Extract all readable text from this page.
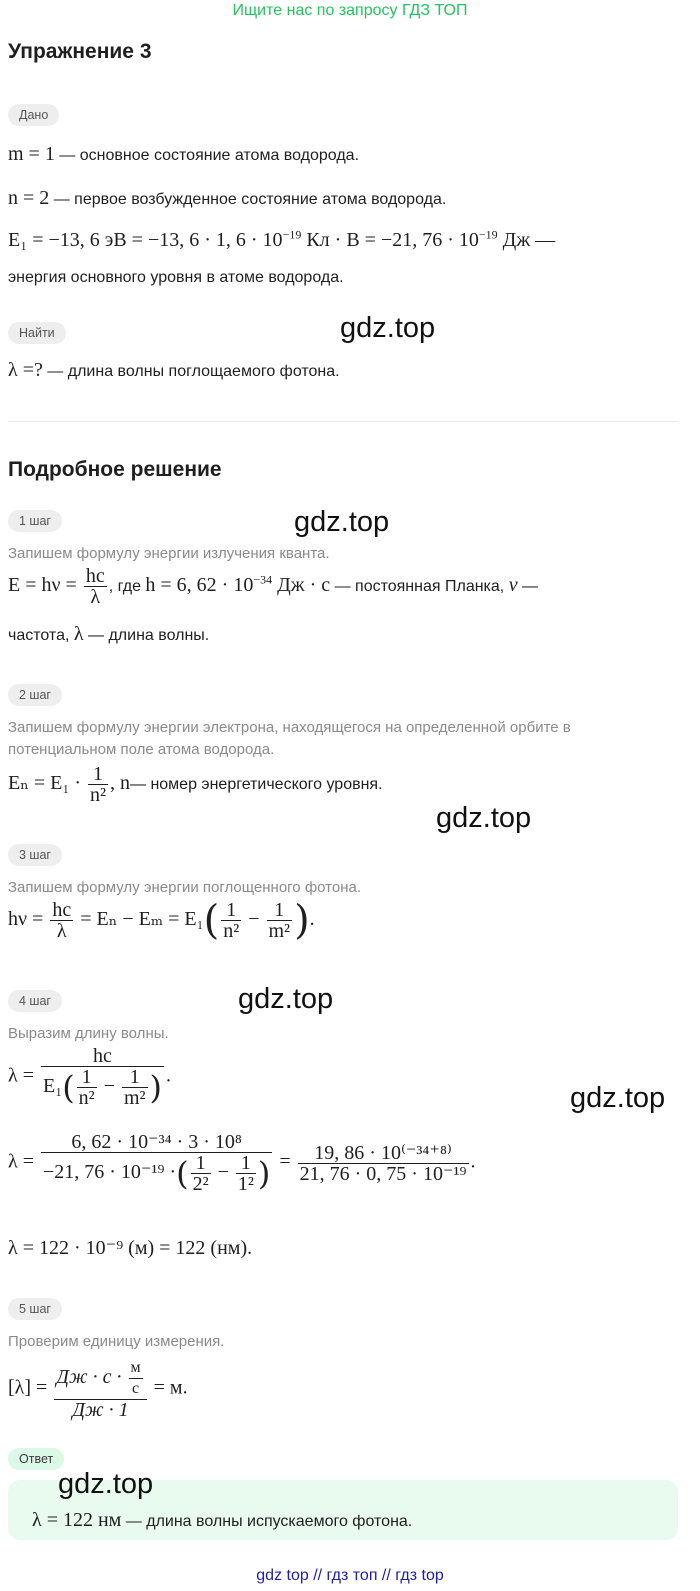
Ищите нас по запросу ГДЗ ТОП
Упражнение 3
Дано
m = 1 — основное состояние атома водорода.
n = 2 — первое возбужденное состояние атома водорода.
E₁ = −13, 6 эВ = −13, 6 · 1, $6 \cdot 10^{-19}$ Кл · В = −21, $76 \cdot 10^{-19}$ Дж —
энергия основного уровня в атоме водорода.
Найти
λ =? — длина волны поглощаемого фотона.
Подробное решение
1 шаг
Запишем формулу энергии излучения кванта.
$E = h\nu = \frac{hc}{\lambda}$ , где h = 6, $62 \cdot 10^{-34}$ Дж · с — постоянная Планка, v —
частота, λ — длина волны.
2 шаг
Запишем формулу энергии электрона, находящегося на определенной орбите в
потенциальном поле атома водорода.
$E_n = E_1 \cdot \frac{1}{\text{n²}}$ , n— номер энергетического уровня.
3 шаг
Запишем формулу энергии поглощенного фотона.
$h\nu = \frac{hc}{\lambda} = E_n - E_m = E_1( \frac{1}{\text{n²}} - \frac{1}{\text{m²}}$ ).
4 шаг
Выразим длину волны.
$\lambda = \frac{hc}{E_1( \frac{1}{\text{n²}} - \frac{1}{\text{m²}} )}$ .
$\lambda = \frac{\text{6, 62 · 10⁻³⁴ · 3 · 10⁸}}{-21, 76 \cdot 10^{-19} \cdot( \frac{1}{\text{2²}} - \frac{1}{\text{1²}} )} = \frac{\text{19, 86 · 10⁽⁻³⁴⁺⁸⁾}}{\text{21, 76 · 0, 75 · 10⁻¹⁹}}$ .
λ = 122 · 10⁻⁹ (м) = 122 (нм).
5 шаг
Проверим единицу измерения.
$[\lambda] = \frac{Дж \cdot с \cdot \frac{м}{с}}{Дж \cdot 1} = м$.
Ответ
λ = 122 нм — длина волны испускаемого фотона.
gdz.top
gdz.top
gdz.top
gdz.top
gdz.top
gdz.top
gdz top // гдз топ // гдз top
